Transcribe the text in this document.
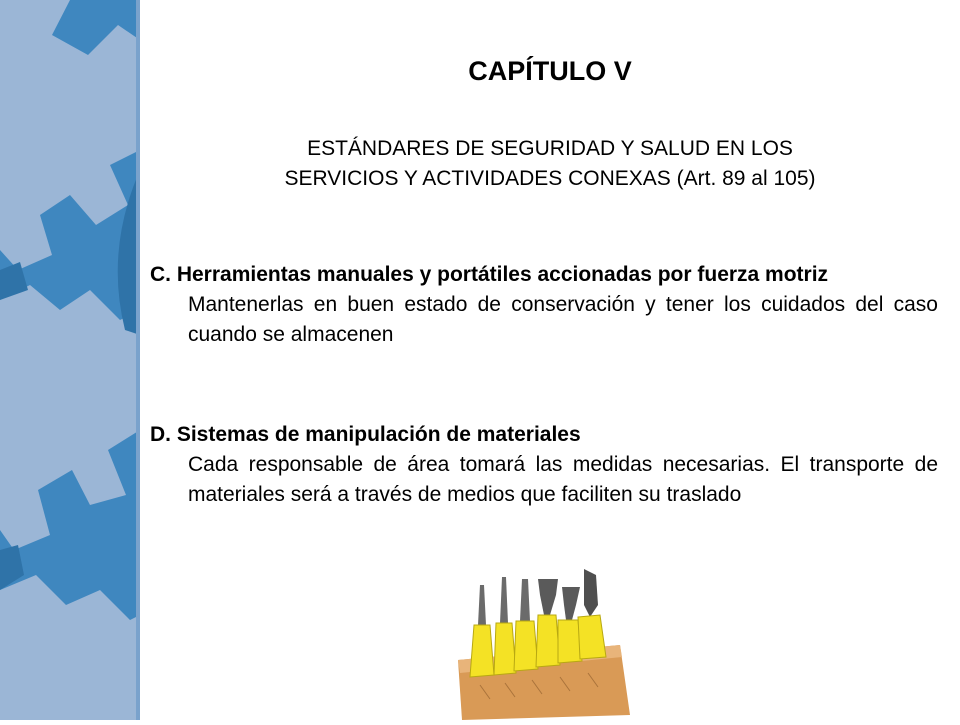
CAPÍTULO V
ESTÁNDARES DE SEGURIDAD Y SALUD EN LOS
SERVICIOS Y ACTIVIDADES CONEXAS (Art. 89 al 105)
C. Herramientas manuales y portátiles accionadas por fuerza motriz
Mantenerlas en buen estado de conservación y tener los cuidados del caso cuando se almacenen
D. Sistemas de manipulación de materiales
Cada responsable de área tomará las medidas necesarias. El transporte de materiales será a través de medios que faciliten su traslado
